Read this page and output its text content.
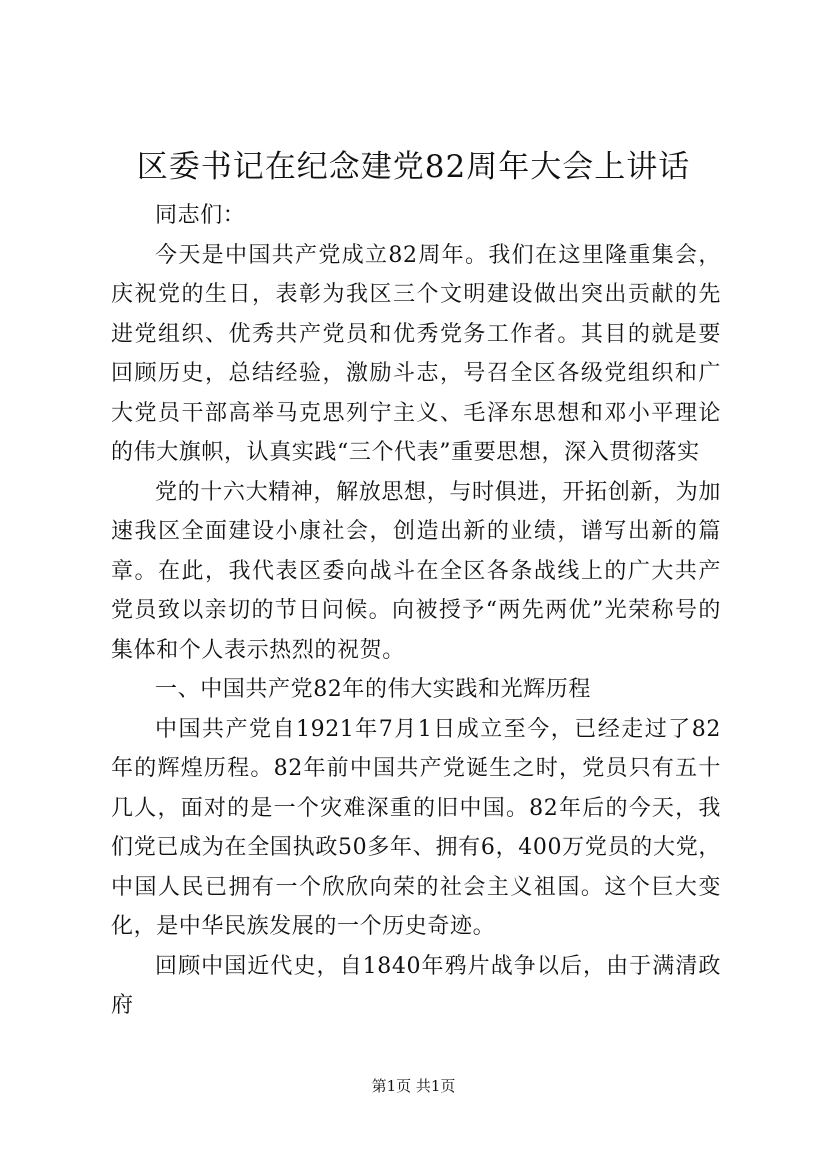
区委书记在纪念建党82周年大会上讲话

同志们：

今天是中国共产党成立82周年。我们在这里隆重集会，庆祝党的生日，表彰为我区三个文明建设做出突出贡献的先进党组织、优秀共产党员和优秀党务工作者。其目的就是要回顾历史，总结经验，激励斗志，号召全区各级党组织和广大党员干部高举马克思列宁主义、毛泽东思想和邓小平理论的伟大旗帜，认真实践“三个代表”重要思想，深入贯彻落实

党的十六大精神，解放思想，与时俱进，开拓创新，为加速我区全面建设小康社会，创造出新的业绩，谱写出新的篇章。在此，我代表区委向战斗在全区各条战线上的广大共产党员致以亲切的节日问候。向被授予“两先两优”光荣称号的集体和个人表示热烈的祝贺。

一、中国共产党82年的伟大实践和光辉历程

中国共产党自1921年7月1日成立至今，已经走过了82年的辉煌历程。82年前中国共产党诞生之时，党员只有五十几人，面对的是一个灾难深重的旧中国。82年后的今天，我们党已成为在全国执政50多年、拥有6，400万党员的大党，中国人民已拥有一个欣欣向荣的社会主义祖国。这个巨大变化，是中华民族发展的一个历史奇迹。

回顾中国近代史，自1840年鸦片战争以后，由于满清政府

第1页 共1页
